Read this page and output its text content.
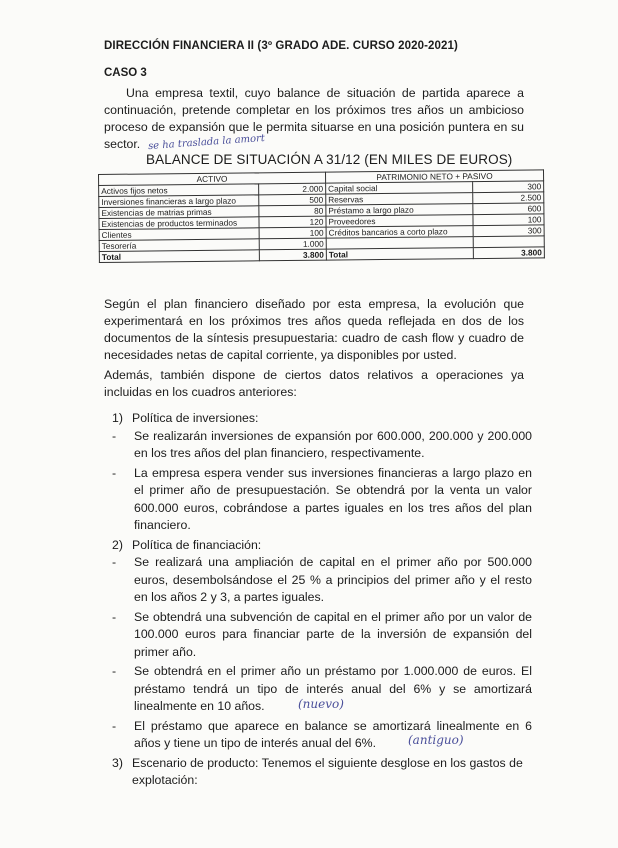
DIRECCIÓN FINANCIERA II (3º GRADO ADE. CURSO 2020-2021)
CASO 3
Una empresa textil, cuyo balance de situación de partida aparece a continuación, pretende completar en los próximos tres años un ambicioso proceso de expansión que le permita situarse en una posición puntera en su sector. se ha traslada la amort
BALANCE DE SITUACIÓN A 31/12 (EN MILES DE EUROS)
ACTIVO		PATRIMONIO NETO + PASIVO	
Activos fijos netos	2.000	Capital social	300
Inversiones financieras a largo plazo	500	Reservas	2.500
Existencias de matrias primas	80	Préstamo a largo plazo	600
Existencias de productos terminados	120	Proveedores	100
Clientes	100	Créditos bancarios a corto plazo	300
Tesorería	1.000		
Total	3.800	Total	3.800
Según el plan financiero diseñado por esta empresa, la evolución que experimentará en los próximos tres años queda reflejada en dos de los documentos de la síntesis presupuestaria: cuadro de cash flow y cuadro de necesidades netas de capital corriente, ya disponibles por usted.
Además, también dispone de ciertos datos relativos a operaciones ya incluidas en los cuadros anteriores:
1) Política de inversiones:
- Se realizarán inversiones de expansión por 600.000, 200.000 y 200.000 en los tres años del plan financiero, respectivamente.
- La empresa espera vender sus inversiones financieras a largo plazo en el primer año de presupuestación. Se obtendrá por la venta un valor 600.000 euros, cobrándose a partes iguales en los tres años del plan financiero.
2) Política de financiación:
- Se realizará una ampliación de capital en el primer año por 500.000 euros, desembolsándose el 25 % a principios del primer año y el resto en los años 2 y 3, a partes iguales.
- Se obtendrá una subvención de capital en el primer año por un valor de 100.000 euros para financiar parte de la inversión de expansión del primer año.
- Se obtendrá en el primer año un préstamo por 1.000.000 de euros. El préstamo tendrá un tipo de interés anual del 6% y se amortizará linealmente en 10 años.
- El préstamo que aparece en balance se amortizará linealmente en 6 años y tiene un tipo de interés anual del 6%.
3) Escenario de producto: Tenemos el siguiente desglose en los gastos de explotación:
(nuevo)
(antiguo)
